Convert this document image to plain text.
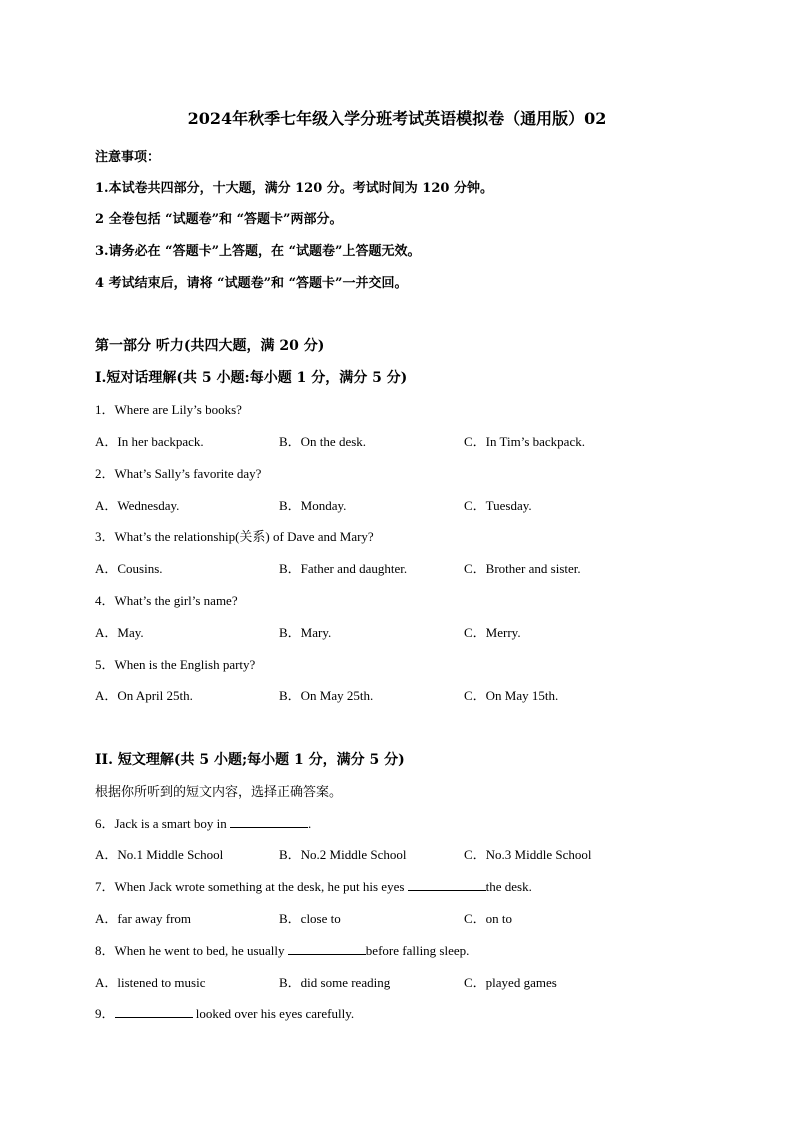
2024年秋季七年级入学分班考试英语模拟卷（通用版）02
注意事项：
1.本试卷共四部分，十大题，满分 120 分。考试时间为 120 分钟。
2 全卷包括 “试题卷”和 “答题卡”两部分。
3.请务必在 “答题卡”上答题，在 “试题卷”上答题无效。
4 考试结束后，请将 “试题卷”和 “答题卡”一并交回。
第一部分 听力(共四大题，满 20 分)
Ⅰ.短对话理解(共 5 小题:每小题 1 分，满分 5 分)
1．Where are Lily’s books?
A．In her backpack.	B．On the desk.	C．In Tim’s backpack.
2．What’s Sally’s favorite day?
A．Wednesday.	B．Monday.	C．Tuesday.
3．What’s the relationship(关系) of Dave and Mary?
A．Cousins.	B．Father and daughter.	C．Brother and sister.
4．What’s the girl’s name?
A．May.	B．Mary.	C．Merry.
5．When is the English party?
A．On April 25th.	B．On May 25th.	C．On May 15th.
II. 短文理解(共 5 小题;每小题 1 分，满分 5 分)
根据你所听到的短文内容，选择正确答案。
6．Jack is a smart boy in	.
A．No.1 Middle School	B．No.2 Middle School	C．No.3 Middle School
7．When Jack wrote something at the desk, he put his eyes	the desk.
A．far away from	B．close to	C．on to
8．When he went to bed, he usually	before falling sleep.
A．listened to music	B．did some reading	C．played games
9．	looked over his eyes carefully.
